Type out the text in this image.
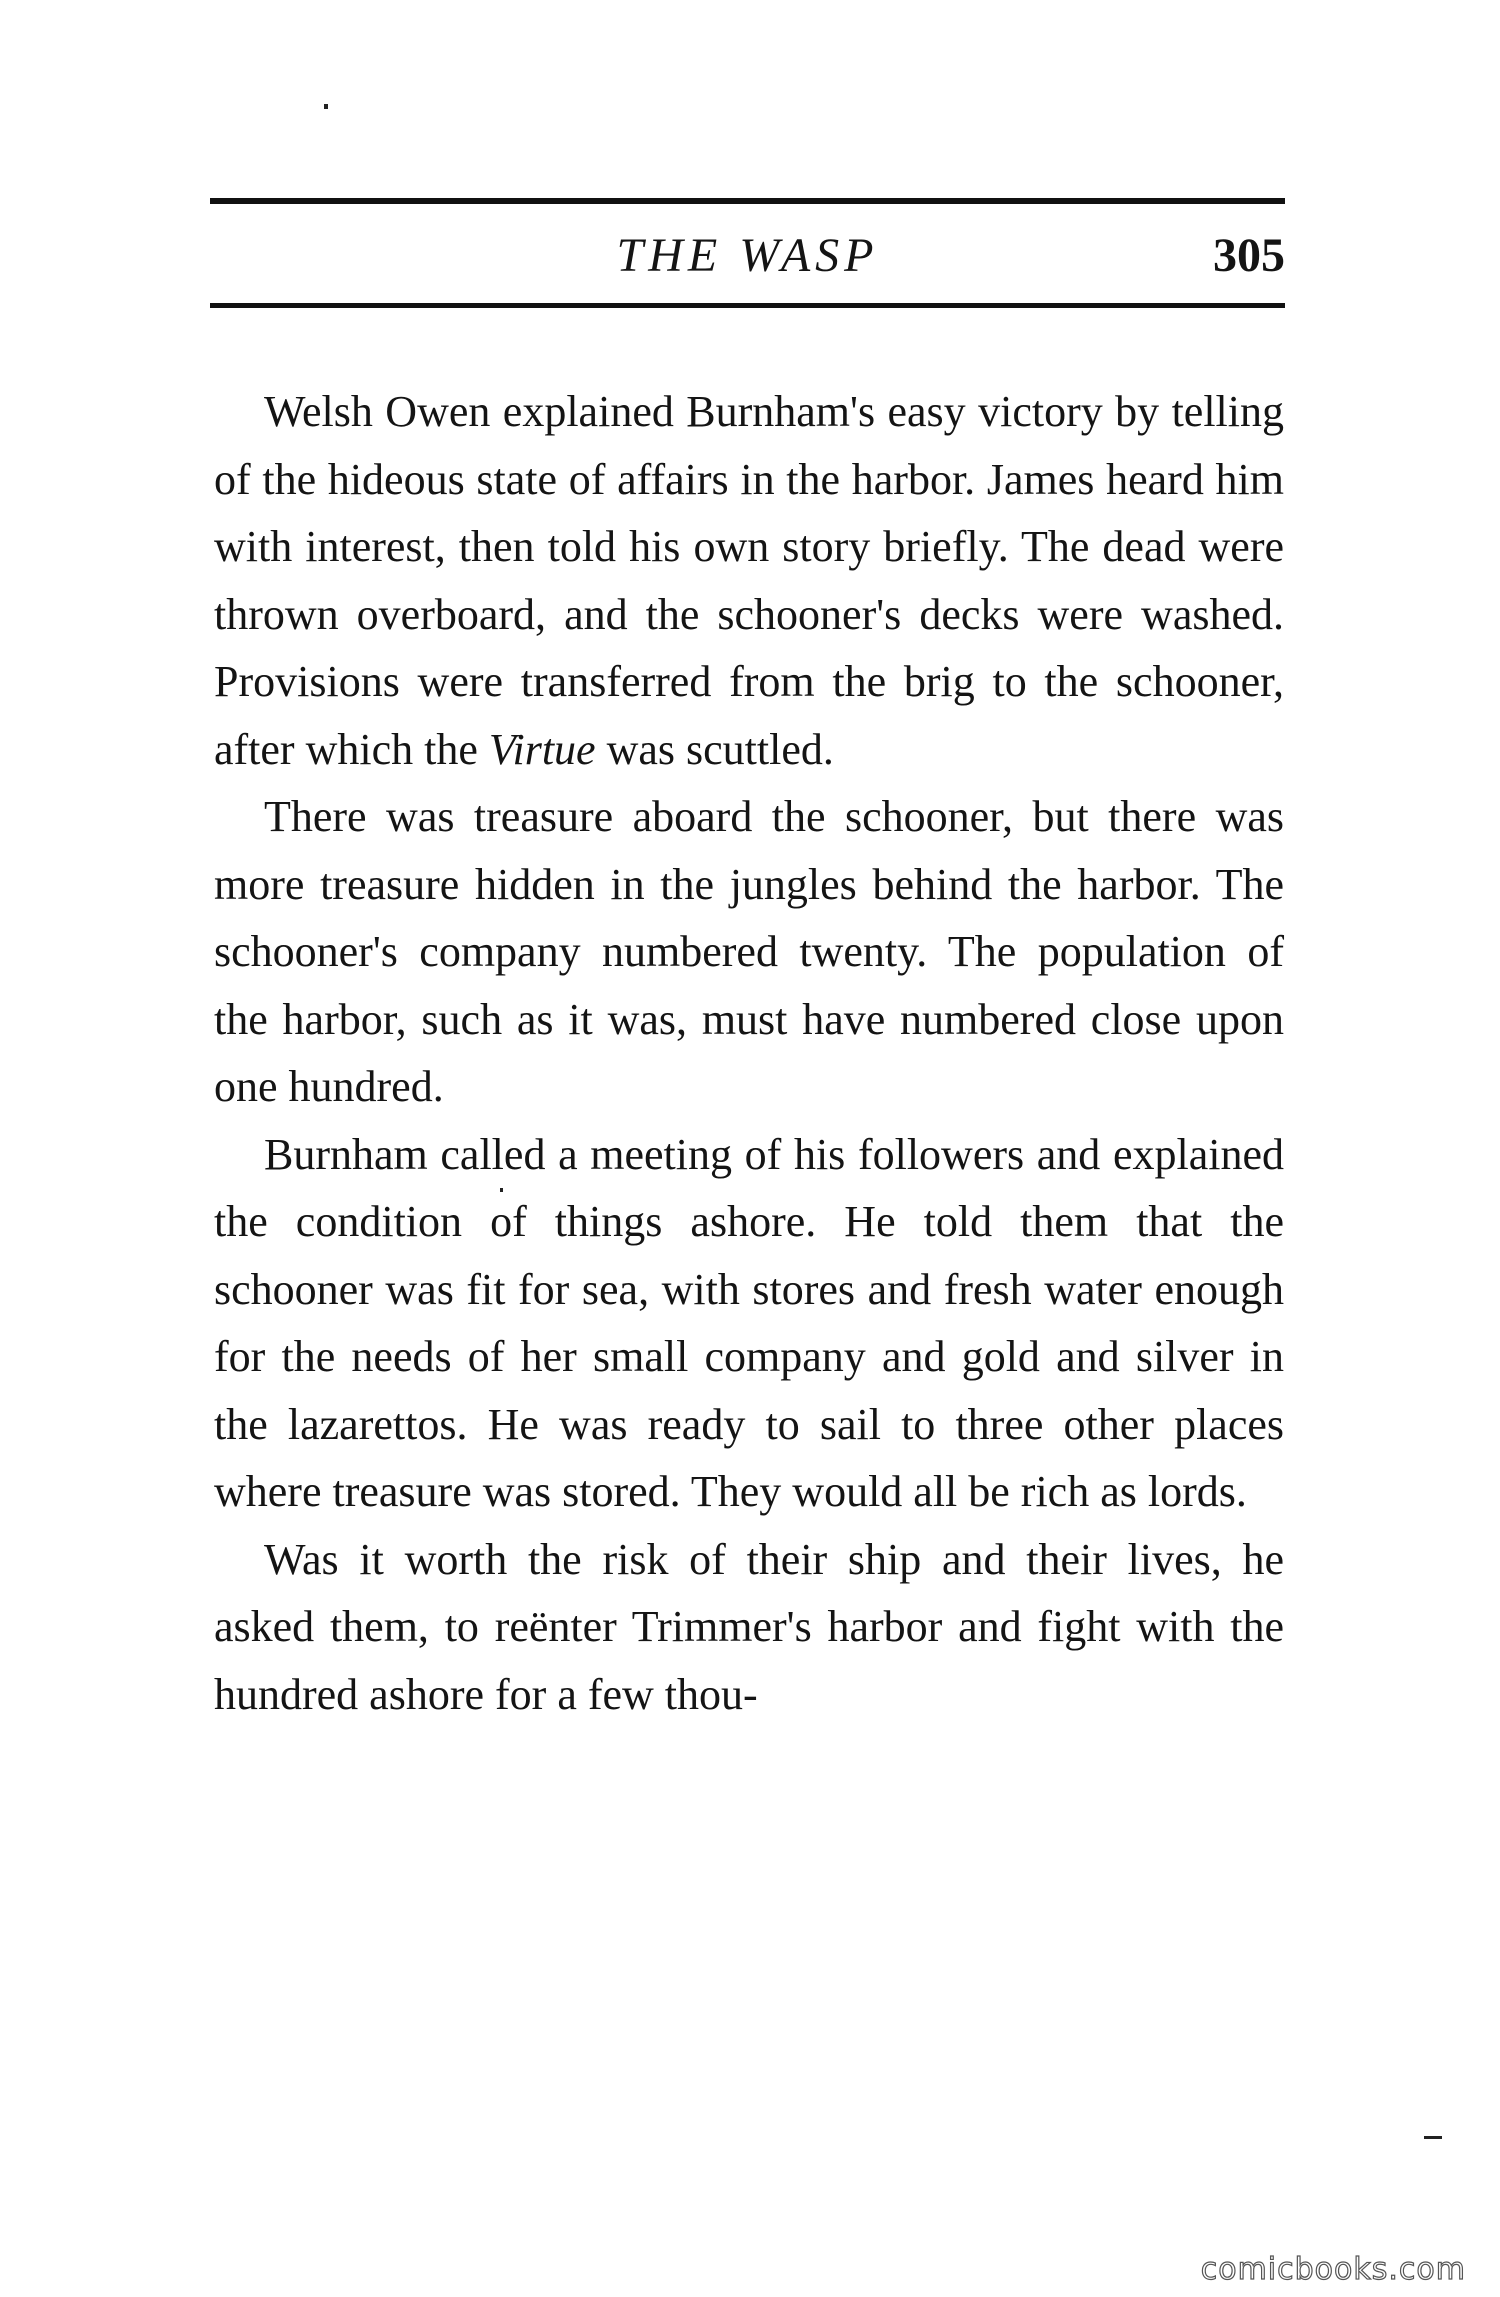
THE WASP	305

Welsh Owen explained Burnham's easy victory by telling of the hideous state of affairs in the harbor. James heard him with interest, then told his own story briefly. The dead were thrown overboard, and the schooner's decks were washed. Provisions were transferred from the brig to the schooner, after which the Virtue was scuttled.

There was treasure aboard the schooner, but there was more treasure hidden in the jungles behind the harbor. The schooner's company numbered twenty. The population of the harbor, such as it was, must have numbered close upon one hundred.

Burnham called a meeting of his followers and explained the condition of things ashore. He told them that the schooner was fit for sea, with stores and fresh water enough for the needs of her small company and gold and silver in the lazarettos. He was ready to sail to three other places where treasure was stored. They would all be rich as lords.

Was it worth the risk of their ship and their lives, he asked them, to reënter Trimmer's harbor and fight with the hundred ashore for a few thou-

comicbooks.com
